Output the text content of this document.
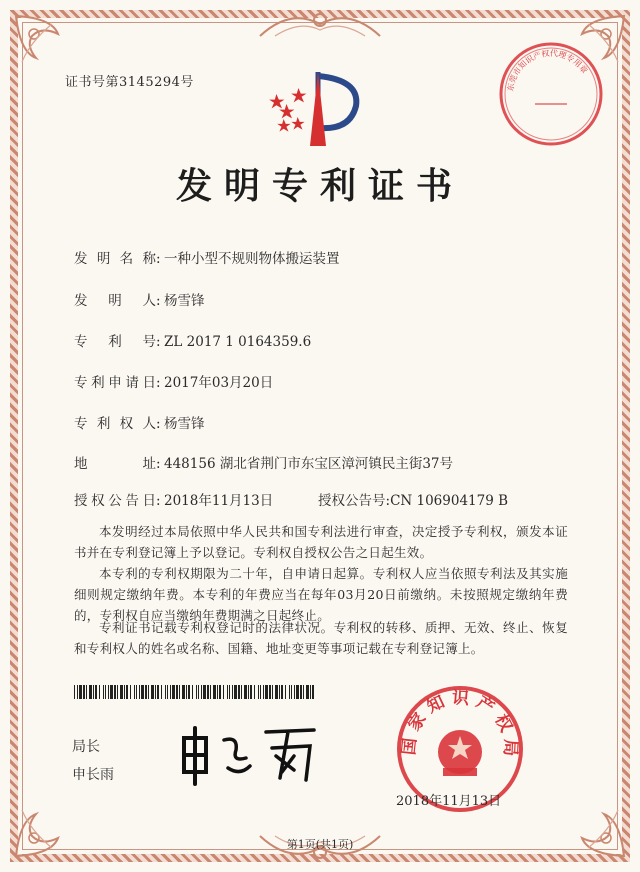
证书号第3145294号
发明专利证书
东莞市知识产权代理专用章
发明名称: 一种小型不规则物体搬运装置
发明人: 杨雪锋
专利号: ZL 2017 1 0164359.6
专利申请日: 2017年03月20日
专利权人: 杨雪锋
地址: 448156 湖北省荆门市东宝区漳河镇民主街37号
授权公告日: 2018年11月13日	授权公告号:CN 106904179 B
本发明经过本局依照中华人民共和国专利法进行审查，决定授予专利权，颁发本证书并在专利登记簿上予以登记。专利权自授权公告之日起生效。
本专利的专利权期限为二十年，自申请日起算。专利权人应当依照专利法及其实施细则规定缴纳年费。本专利的年费应当在每年03月20日前缴纳。未按照规定缴纳年费的，专利权自应当缴纳年费期满之日起终止。
专利证书记载专利权登记时的法律状况。专利权的转移、质押、无效、终止、恢复和专利权人的姓名或名称、国籍、地址变更等事项记载在专利登记簿上。
局长
申长雨
国家知识产权局
2018年11月13日
第1页(共1页)
